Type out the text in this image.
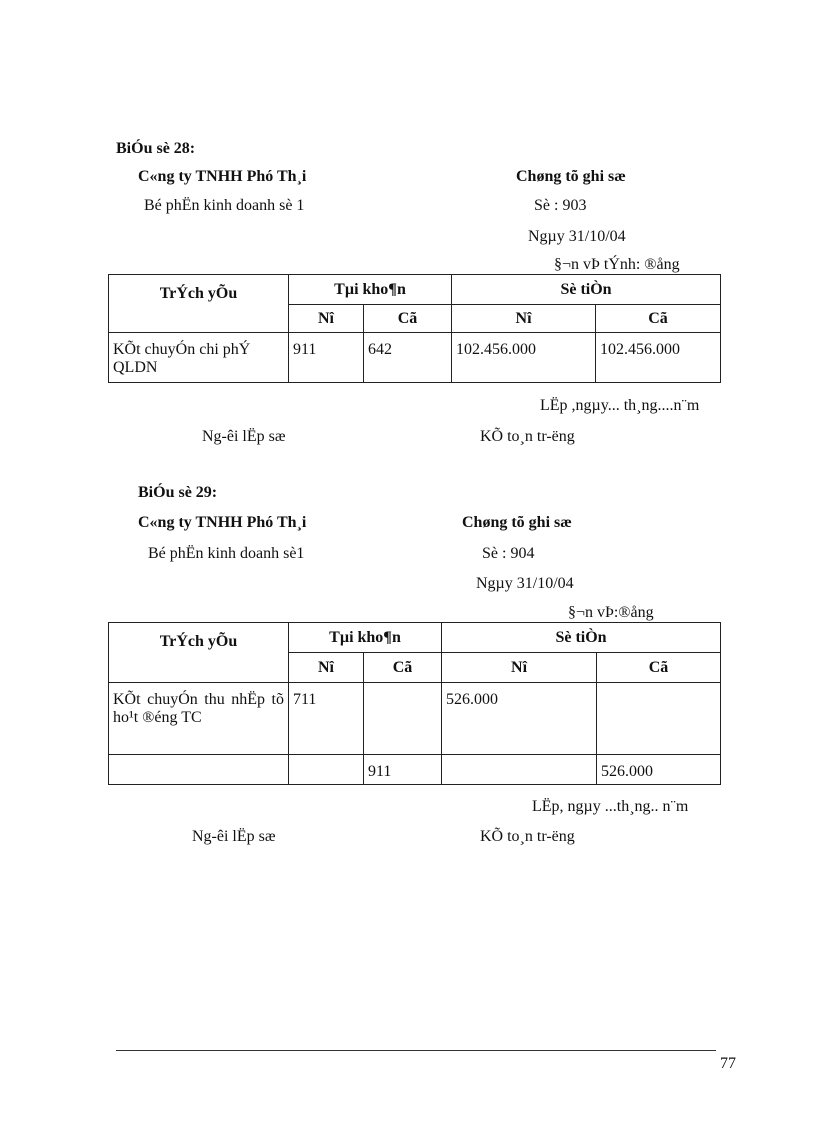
BiÓu sè 28:
C«ng ty TNHH Phó Th¸i	Chøng tõ ghi sæ
Bé phËn kinh doanh sè 1	Sè : 903
Ngµy 31/10/04
§¬n vÞ tÝnh: ®ång
TrÝch yÕu	Tµi kho¶n		Sè tiÒn	
	Nî	Cã	Nî	Cã
KÕt chuyÓn chi phÝ QLDN	911	642	102.456.000	102.456.000
LËp ,ngµy... th¸ng....n¨m
Ng-êi lËp sæ	KÕ to¸n tr-ëng
BiÓu sè 29:
C«ng ty TNHH Phó Th¸i	Chøng tõ ghi sæ
Bé phËn kinh doanh sè1	Sè : 904
Ngµy 31/10/04
§¬n vÞ:®ång
TrÝch yÕu	Tµi kho¶n		Sè tiÒn	
	Nî	Cã	Nî	Cã
KÕt chuyÓn thu nhËp tõ ho¹t ®éng TC	711		526.000	
		911		526.000
LËp, ngµy ...th¸ng.. n¨m
Ng-êi lËp sæ	KÕ to¸n tr-ëng
77
